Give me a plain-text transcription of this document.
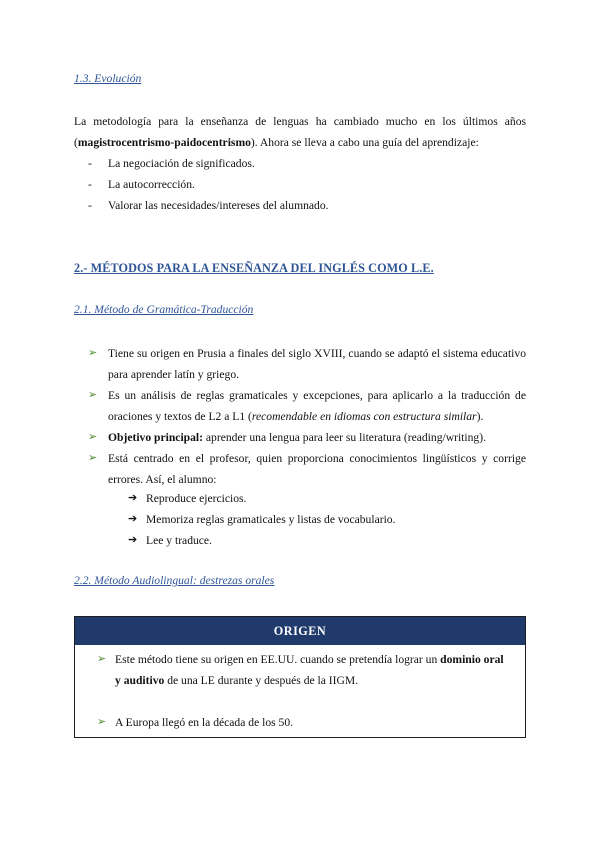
1.3. Evolución
La metodología para la enseñanza de lenguas ha cambiado mucho en los últimos años (magistrocentrismo-paidocentrismo). Ahora se lleva a cabo una guía del aprendizaje:
- La negociación de significados.
- La autocorrección.
- Valorar las necesidades/intereses del alumnado.
2.- MÉTODOS PARA LA ENSEÑANZA DEL INGLÉS COMO L.E.
2.1. Método de Gramática-Traducción
➢ Tiene su origen en Prusia a finales del siglo XVIII, cuando se adaptó el sistema educativo para aprender latín y griego.
➢ Es un análisis de reglas gramaticales y excepciones, para aplicarlo a la traducción de oraciones y textos de L2 a L1 (recomendable en idiomas con estructura similar).
➢ Objetivo principal: aprender una lengua para leer su literatura (reading/writing).
➢ Está centrado en el profesor, quien proporciona conocimientos lingüísticos y corrige errores. Así, el alumno:
➔ Reproduce ejercicios.
➔ Memoriza reglas gramaticales y listas de vocabulario.
➔ Lee y traduce.
2.2. Método Audiolingual: destrezas orales
ORIGEN
➢ Este método tiene su origen en EE.UU. cuando se pretendía lograr un dominio oral y auditivo de una LE durante y después de la IIGM.
➢ A Europa llegó en la década de los 50.
